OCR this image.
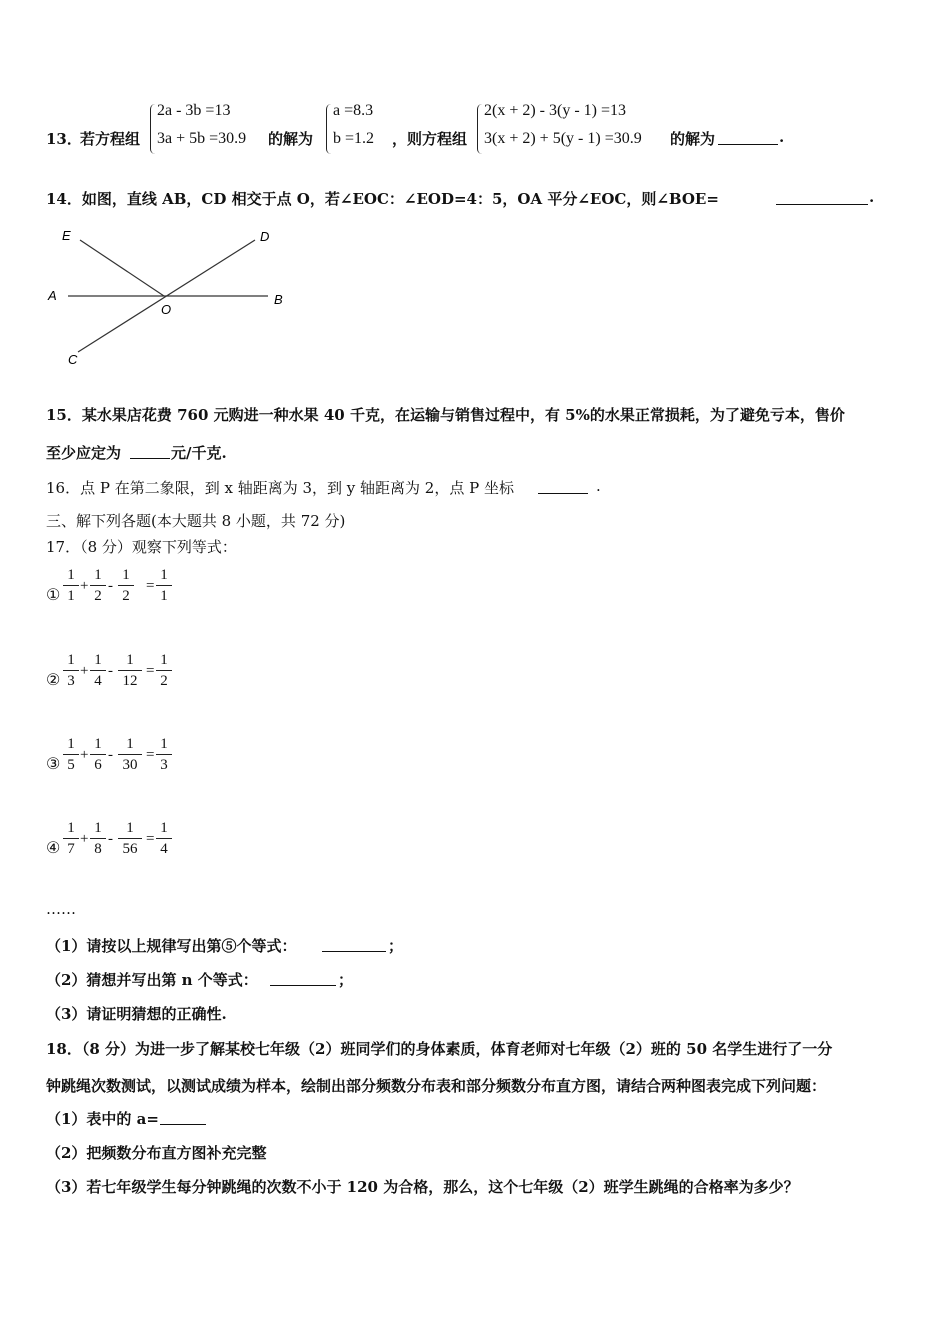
13．
若方程组
2a - 3b =13
3a + 5b =30.9 的解为
a =8.3
b =1.2 ，则方程组
2(x + 2) - 3(y - 1) =13
3(x + 2) + 5(y - 1) =30.9 的解为	.
14．如图，直线 AB，CD 相交于点 O，若∠EOC：∠EOD=4：5，OA 平分∠EOC，则∠BOE=	.
E	D
A	B
O
C
15．某水果店花费 760 元购进一种水果 40 千克，在运输与销售过程中，有 5%的水果正常损耗，为了避免亏本，售价
至少应定为	元/千克.
16．点 P 在第二象限，到 x 轴距离为 3，到 y 轴距离为 2，点 P 坐标	.
三、解下列各题(本大题共 8 小题，共 72 分)
17．（8 分）观察下列等式：
①
1
1
+
1
2
-
1
2
=
1
1
②
1
3
+
1
4
-
1
12
=
1
2
③
1
5
+
1
6
-
1
30
=
1
3
④
1
7
+
1
8
-
1
56
=
1
4
……
（1）请按以上规律写出第⑤个等式：	；
（2）猜想并写出第 n 个等式：	；
（3）请证明猜想的正确性.
18．（8 分）为进一步了解某校七年级（2）班同学们的身体素质，体育老师对七年级（2）班的 50 名学生进行了一分
钟跳绳次数测试，以测试成绩为样本，绘制出部分频数分布表和部分频数分布直方图，请结合两种图表完成下列问题：
（1）表中的 a=
（2）把频数分布直方图补充完整
（3）若七年级学生每分钟跳绳的次数不小于 120 为合格，那么，这个七年级（2）班学生跳绳的合格率为多少？
